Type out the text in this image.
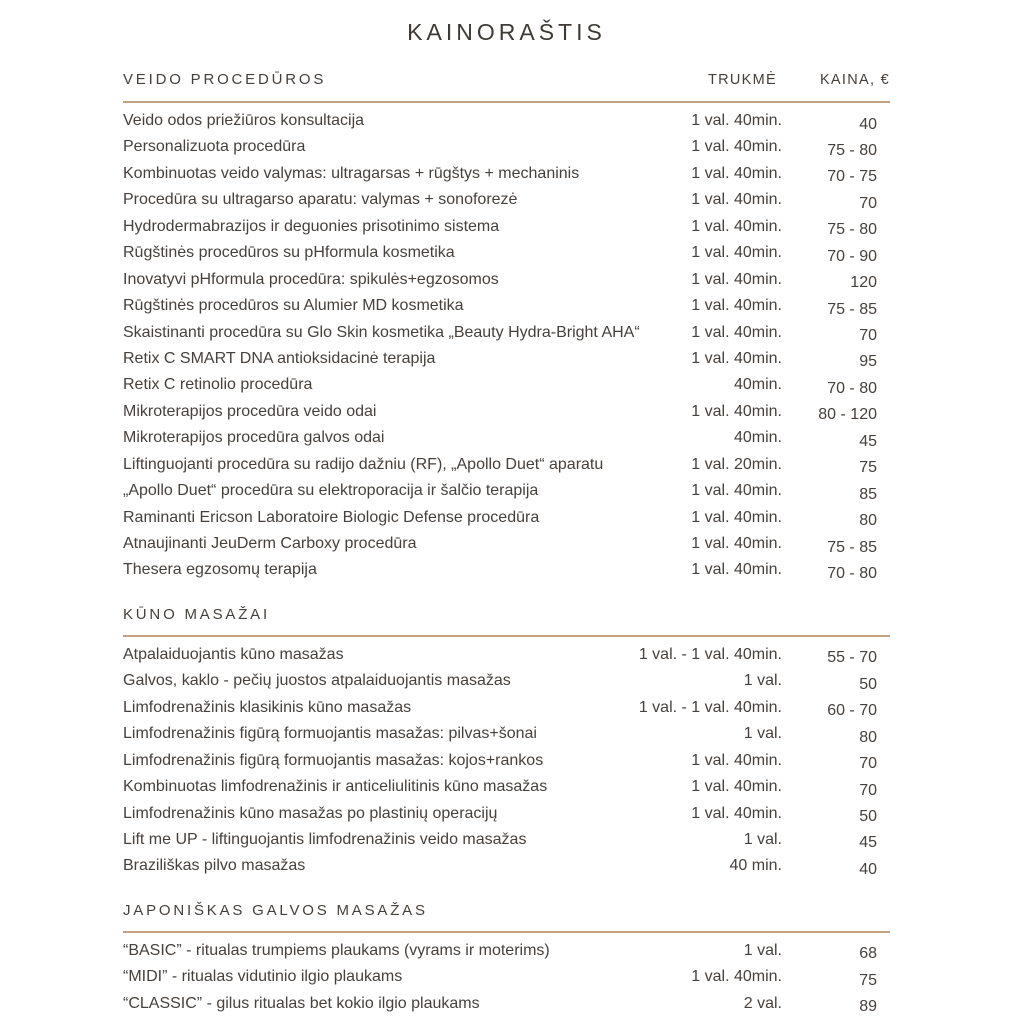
KAINORAŠTIS
VEIDO PROCEDŪROS	TRUKMĖ	KAINA, €
Veido odos priežiūros konsultacija	1 val. 40min.	40
Personalizuota procedūra	1 val. 40min.	75 - 80
Kombinuotas veido valymas: ultragarsas + rūgštys + mechaninis	1 val. 40min.	70 - 75
Procedūra su ultragarso aparatu: valymas + sonoforezė	1 val. 40min.	70
Hydrodermabrazijos ir deguonies prisotinimo sistema	1 val. 40min.	75 - 80
Rūgštinės procedūros su pHformula kosmetika	1 val. 40min.	70 - 90
Inovatyvi pHformula procedūra: spikulės+egzosomos	1 val. 40min.	120
Rūgštinės procedūros su Alumier MD kosmetika	1 val. 40min.	75 - 85
Skaistinanti procedūra su Glo Skin kosmetika „Beauty Hydra-Bright AHA“	1 val. 40min.	70
Retix C SMART DNA antioksidacinė terapija	1 val. 40min.	95
Retix C retinolio procedūra	40min.	70 - 80
Mikroterapijos procedūra veido odai	1 val. 40min.	80 - 120
Mikroterapijos procedūra galvos odai	40min.	45
Liftinguojanti procedūra su radijo dažniu (RF), „Apollo Duet“ aparatu	1 val. 20min.	75
„Apollo Duet“ procedūra su elektroporacija ir šalčio terapija	1 val. 40min.	85
Raminanti Ericson Laboratoire Biologic Defense procedūra	1 val. 40min.	80
Atnaujinanti JeuDerm Carboxy procedūra	1 val. 40min.	75 - 85
Thesera egzosomų terapija	1 val. 40min.	70 - 80
KŪNO MASAŽAI
Atpalaiduojantis kūno masažas	1 val. - 1 val. 40min.	55 - 70
Galvos, kaklo - pečių juostos atpalaiduojantis masažas	1 val.	50
Limfodrenažinis klasikinis kūno masažas	1 val. - 1 val. 40min.	60 - 70
Limfodrenažinis figūrą formuojantis masažas: pilvas+šonai	1 val.	80
Limfodrenažinis figūrą formuojantis masažas: kojos+rankos	1 val. 40min.	70
Kombinuotas limfodrenažinis ir anticeliulitinis kūno masažas	1 val. 40min.	70
Limfodrenažinis kūno masažas po plastinių operacijų	1 val. 40min.	50
Lift me UP - liftinguojantis limfodrenažinis veido masažas	1 val.	45
Braziliškas pilvo masažas	40 min.	40
JAPONIŠKAS GALVOS MASAŽAS
“BASIC” - ritualas trumpiems plaukams (vyrams ir moterims)	1 val.	68
“MIDI” - ritualas vidutinio ilgio plaukams	1 val. 40min.	75
“CLASSIC” - gilus ritualas bet kokio ilgio plaukams	2 val.	89
